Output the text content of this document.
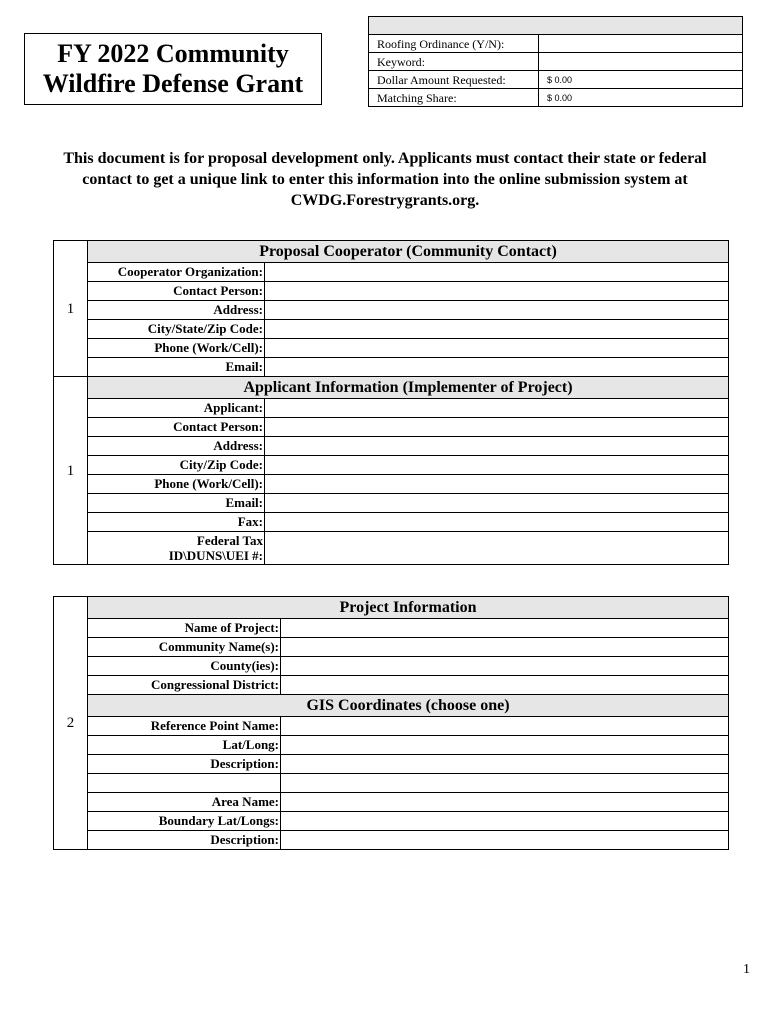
FY 2022 Community
Wildfire Defense Grant

Roofing Ordinance (Y/N):	
Keyword:	
Dollar Amount Requested:	$ 0.00
Matching Share:	$ 0.00
This document is for proposal development only. Applicants must contact their state or federal contact to get a unique link to enter this information into the online submission system at CWDG.Forestrygrants.org.
1	Proposal Cooperator (Community Contact)	
	Cooperator Organization:	
	Contact Person:	
	Address:	
	City/State/Zip Code:	
	Phone (Work/Cell):	
	Email:	
1	Applicant Information (Implementer of Project)	
	Applicant:	
	Contact Person:	
	Address:	
	City/Zip Code:	
	Phone (Work/Cell):	
	Email:	
	Fax:	

	Federal Tax
ID\DUNS\UEI #:	

2	Project Information	
	Name of Project:	
	Community Name(s):	
	County(ies):	
	Congressional District:	
	GIS Coordinates (choose one)	
	Reference Point Name:	
	Lat/Long:	
	Description:	

	Area Name:	
	Boundary Lat/Longs:	
	Description:	
1
